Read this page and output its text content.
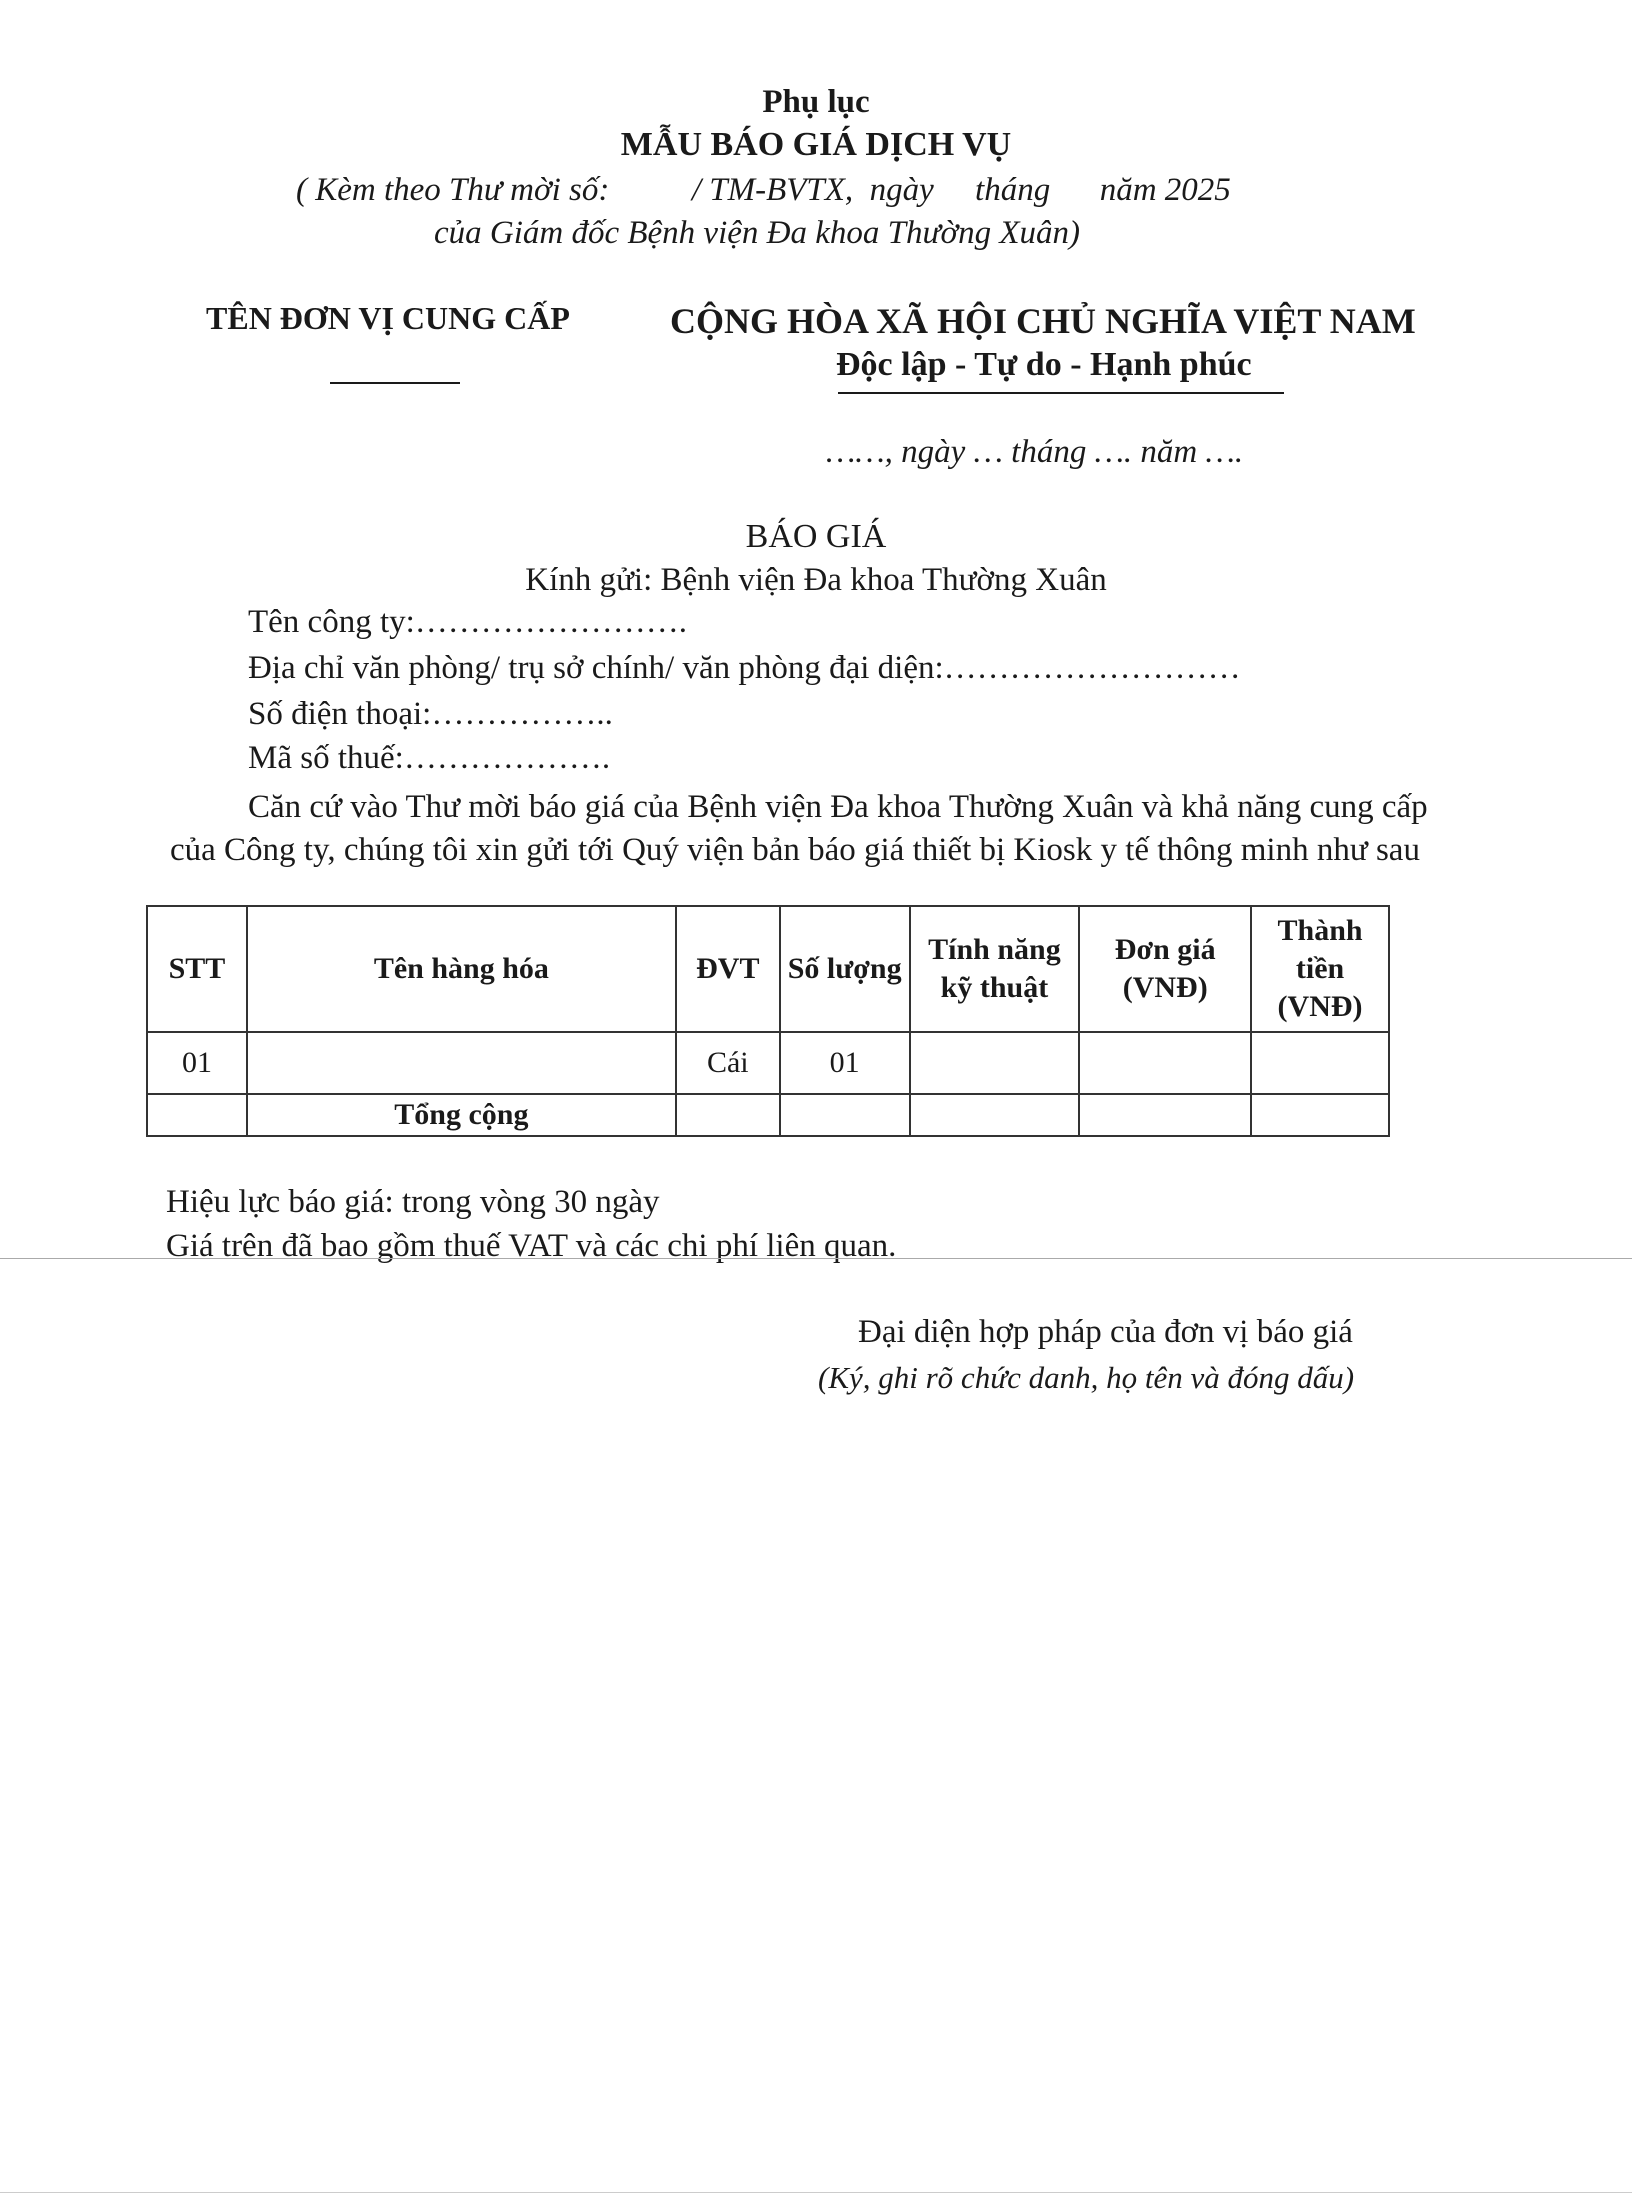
Phụ lục
MẪU BÁO GIÁ DỊCH VỤ
( Kèm theo Thư mời số:          / TM-BVTX,  ngày     tháng      năm 2025
của Giám đốc Bệnh viện Đa khoa Thường Xuân)
TÊN ĐƠN VỊ CUNG CẤP	CỘNG HÒA XÃ HỘI CHỦ NGHĨA VIỆT NAM
Độc lập - Tự do - Hạnh phúc
……, ngày … tháng …. năm ….
BÁO GIÁ
Kính gửi: Bệnh viện Đa khoa Thường Xuân
Tên công ty:…………………….
Địa chỉ văn phòng/ trụ sở chính/ văn phòng đại diện:………………………
Số điện thoại:……………..
Mã số thuế:……………….
Căn cứ vào Thư mời báo giá của Bệnh viện Đa khoa Thường Xuân và khả năng cung cấp của Công ty, chúng tôi xin gửi tới Quý viện bản báo giá thiết bị Kiosk y tế thông minh như sau
STT	Tên hàng hóa	ĐVT	Số lượng	Tính năng kỹ thuật	Đơn giá (VNĐ)	Thành tiền (VNĐ)
01		Cái	01			
	Tổng cộng					
Hiệu lực báo giá: trong vòng 30 ngày
Giá trên đã bao gồm thuế VAT và các chi phí liên quan.
Đại diện hợp pháp của đơn vị báo giá
(Ký, ghi rõ chức danh, họ tên và đóng dấu)
